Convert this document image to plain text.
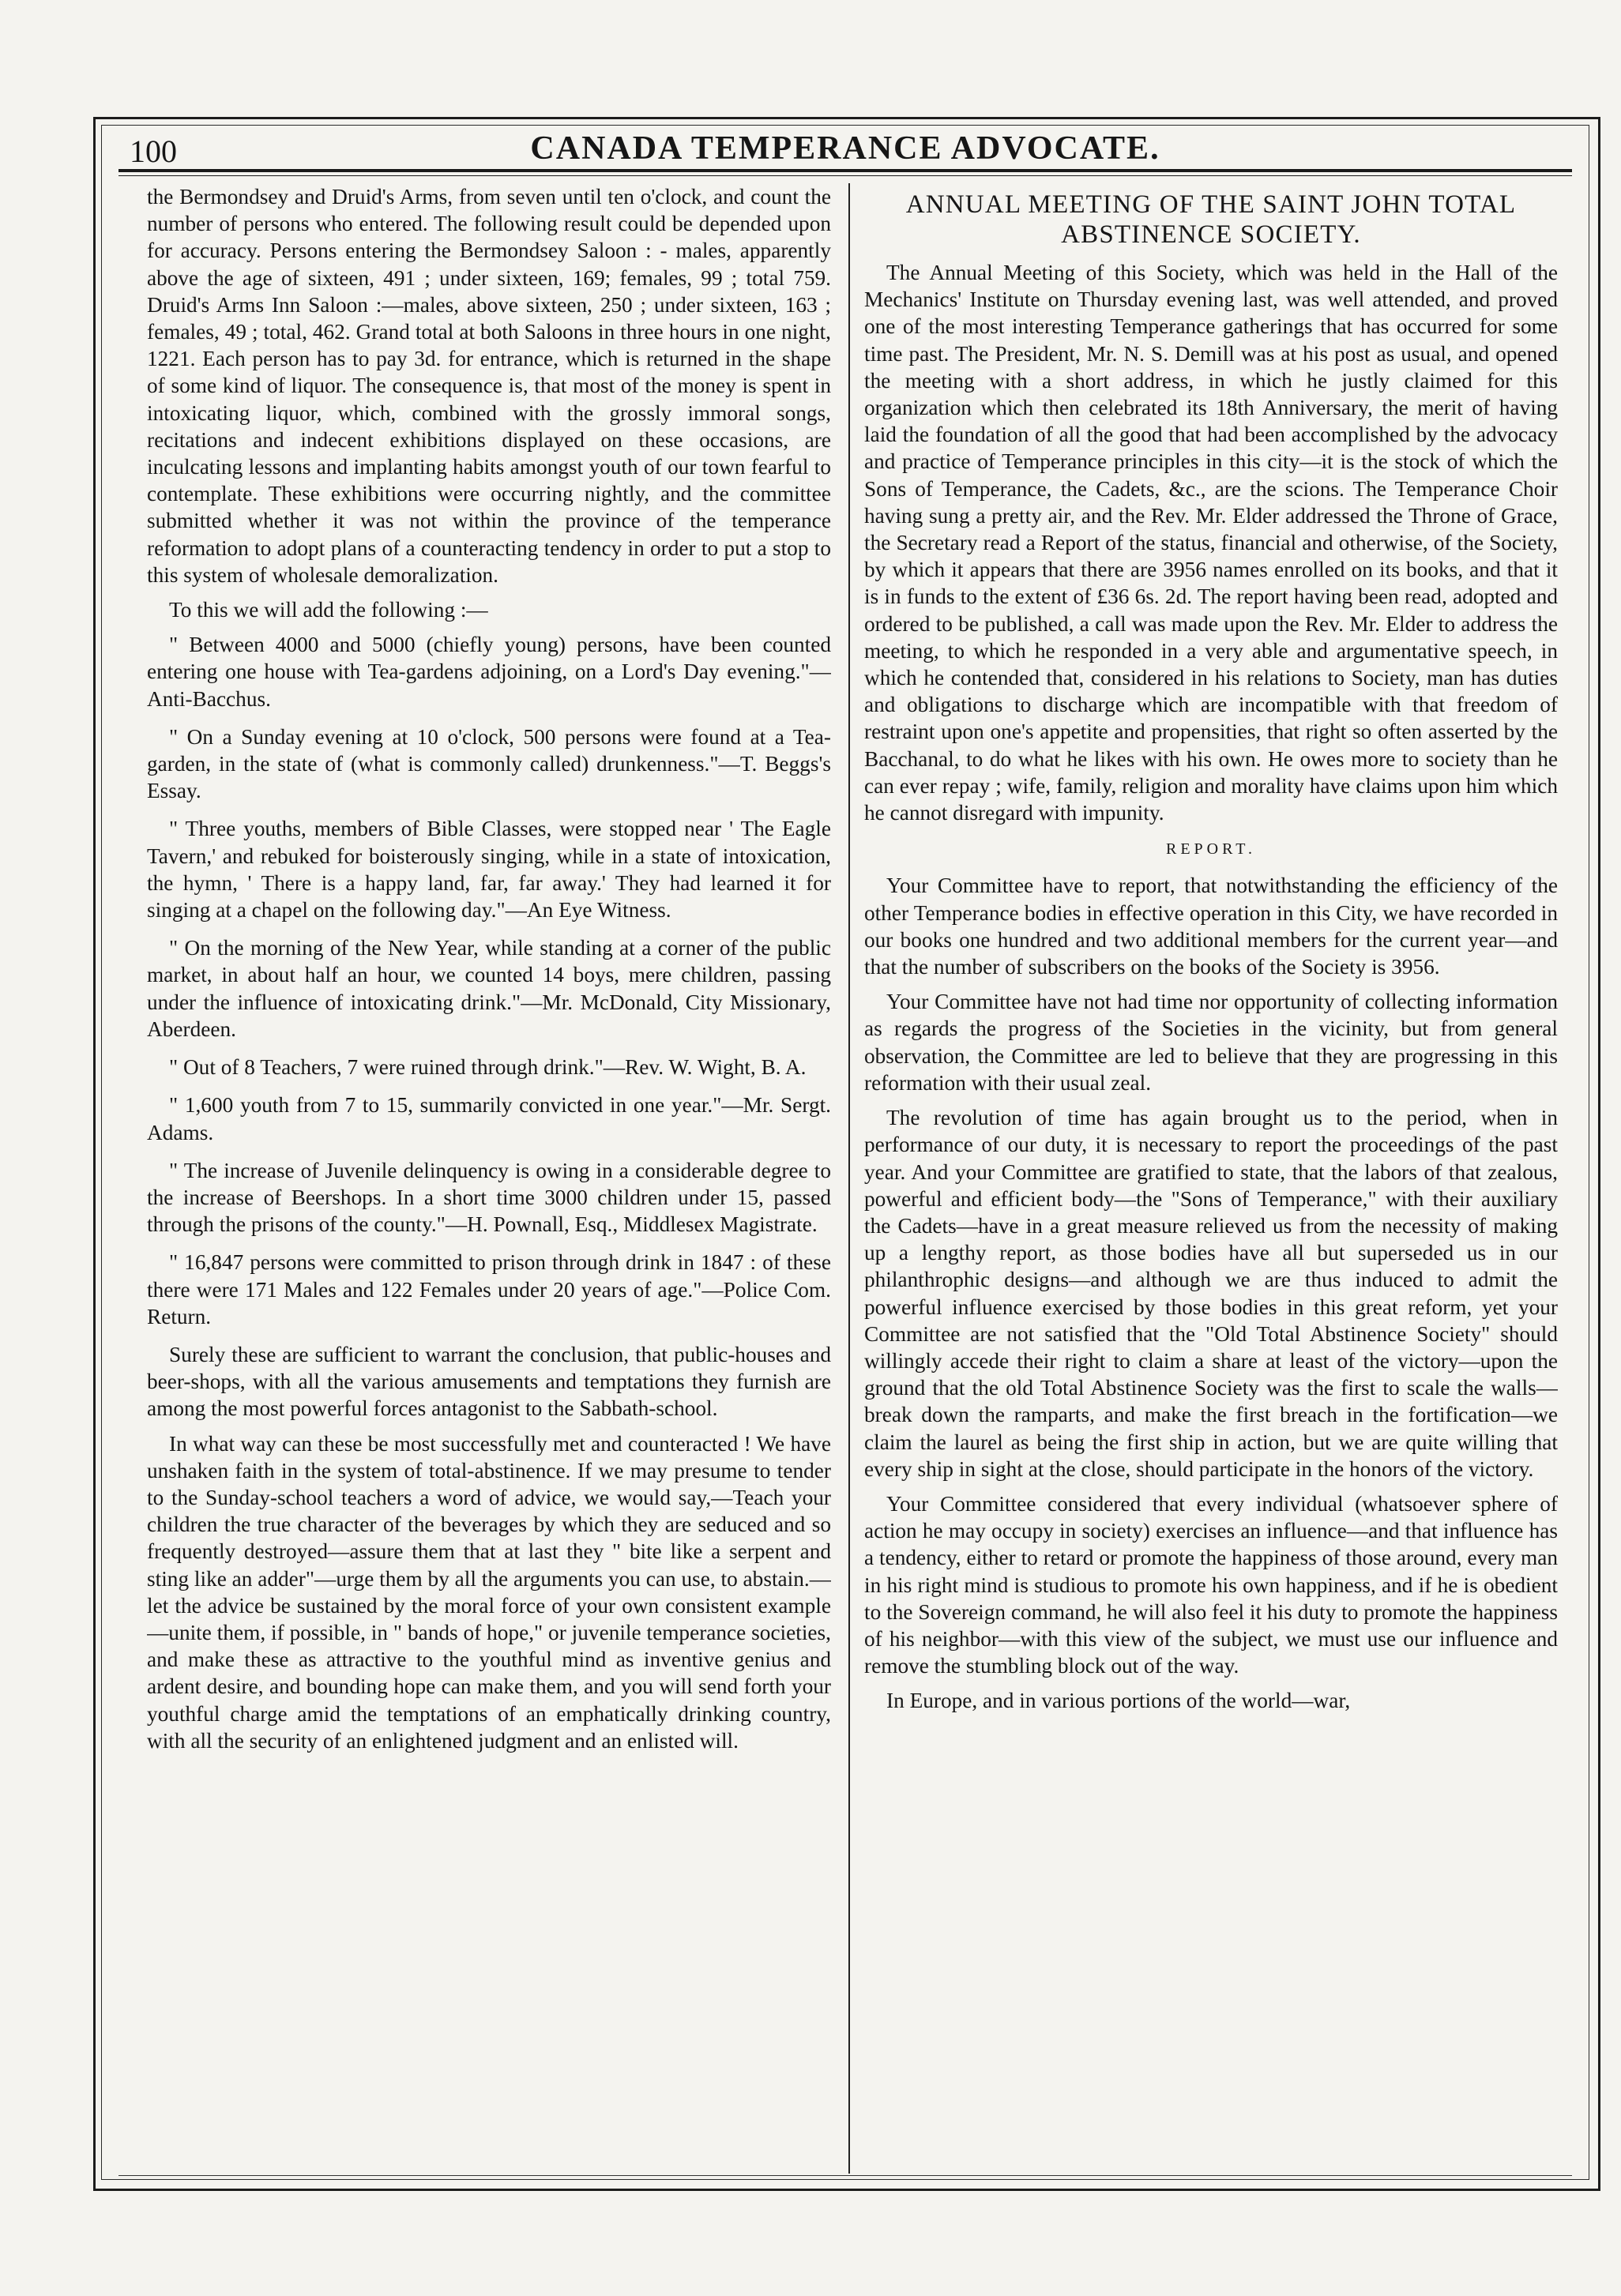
100	CANADA TEMPERANCE ADVOCATE.

the Bermondsey and Druid's Arms, from seven until ten o'clock, and count the number of persons who entered. The following result could be depended upon for accuracy. Persons entering the Bermondsey Saloon : - males, apparently above the age of sixteen, 491 ; under sixteen, 169; females, 99 ; total 759. Druid's Arms Inn Saloon :—males, above sixteen, 250 ; under sixteen, 163 ; females, 49 ; total, 462. Grand total at both Saloons in three hours in one night, 1221. Each person has to pay 3d. for entrance, which is returned in the shape of some kind of liquor. The consequence is, that most of the money is spent in intoxicating liquor, which, combined with the grossly immoral songs, recitations and indecent exhibitions displayed on these occasions, are inculcating lessons and implanting habits amongst youth of our town fearful to contemplate. These exhibitions were occurring nightly, and the committee submitted whether it was not within the province of the temperance reformation to adopt plans of a counteracting tendency in order to put a stop to this system of wholesale demoralization.

To this we will add the following :—

" Between 4000 and 5000 (chiefly young) persons, have been counted entering one house with Tea-gardens adjoining, on a Lord's Day evening."—Anti-Bacchus.

" On a Sunday evening at 10 o'clock, 500 persons were found at a Tea-garden, in the state of (what is commonly called) drunkenness."—T. Beggs's Essay.

" Three youths, members of Bible Classes, were stopped near ' The Eagle Tavern,' and rebuked for boisterously singing, while in a state of intoxication, the hymn, ' There is a happy land, far, far away.' They had learned it for singing at a chapel on the following day."—An Eye Witness.

" On the morning of the New Year, while standing at a corner of the public market, in about half an hour, we counted 14 boys, mere children, passing under the influence of intoxicating drink."—Mr. McDonald, City Missionary, Aberdeen.

" Out of 8 Teachers, 7 were ruined through drink."—Rev. W. Wight, B. A.

" 1,600 youth from 7 to 15, summarily convicted in one year."—Mr. Sergt. Adams.

" The increase of Juvenile delinquency is owing in a considerable degree to the increase of Beershops. In a short time 3000 children under 15, passed through the prisons of the county."—H. Pownall, Esq., Middlesex Magistrate.

" 16,847 persons were committed to prison through drink in 1847 : of these there were 171 Males and 122 Females under 20 years of age."—Police Com. Return.

Surely these are sufficient to warrant the conclusion, that public-houses and beer-shops, with all the various amusements and temptations they furnish are among the most powerful forces antagonist to the Sabbath-school.

In what way can these be most successfully met and counteracted ! We have unshaken faith in the system of total-abstinence. If we may presume to tender to the Sunday-school teachers a word of advice, we would say,—Teach your children the true character of the beverages by which they are seduced and so frequently destroyed—assure them that at last they " bite like a serpent and sting like an adder"—urge them by all the arguments you can use, to abstain.—let the advice be sustained by the moral force of your own consistent example—unite them, if possible, in " bands of hope," or juvenile temperance societies, and make these as attractive to the youthful mind as inventive genius and ardent desire, and bounding hope can make them, and you will send forth your youthful charge amid the temptations of an emphatically drinking country, with all the security of an enlightened judgment and an enlisted will.

ANNUAL MEETING OF THE SAINT JOHN TOTAL ABSTINENCE SOCIETY.

The Annual Meeting of this Society, which was held in the Hall of the Mechanics' Institute on Thursday evening last, was well attended, and proved one of the most interesting Temperance gatherings that has occurred for some time past. The President, Mr. N. S. Demill was at his post as usual, and opened the meeting with a short address, in which he justly claimed for this organization which then celebrated its 18th Anniversary, the merit of having laid the foundation of all the good that had been accomplished by the advocacy and practice of Temperance principles in this city—it is the stock of which the Sons of Temperance, the Cadets, &c., are the scions. The Temperance Choir having sung a pretty air, and the Rev. Mr. Elder addressed the Throne of Grace, the Secretary read a Report of the status, financial and otherwise, of the Society, by which it appears that there are 3956 names enrolled on its books, and that it is in funds to the extent of £36 6s. 2d. The report having been read, adopted and ordered to be published, a call was made upon the Rev. Mr. Elder to address the meeting, to which he responded in a very able and argumentative speech, in which he contended that, considered in his relations to Society, man has duties and obligations to discharge which are incompatible with that freedom of restraint upon one's appetite and propensities, that right so often asserted by the Bacchanal, to do what he likes with his own. He owes more to society than he can ever repay ; wife, family, religion and morality have claims upon him which he cannot disregard with impunity.

REPORT.

Your Committee have to report, that notwithstanding the efficiency of the other Temperance bodies in effective operation in this City, we have recorded in our books one hundred and two additional members for the current year—and that the number of subscribers on the books of the Society is 3956.

Your Committee have not had time nor opportunity of collecting information as regards the progress of the Societies in the vicinity, but from general observation, the Committee are led to believe that they are progressing in this reformation with their usual zeal.

The revolution of time has again brought us to the period, when in performance of our duty, it is necessary to report the proceedings of the past year. And your Committee are gratified to state, that the labors of that zealous, powerful and efficient body—the "Sons of Temperance," with their auxiliary the Cadets—have in a great measure relieved us from the necessity of making up a lengthy report, as those bodies have all but superseded us in our philanthrophic designs—and although we are thus induced to admit the powerful influence exercised by those bodies in this great reform, yet your Committee are not satisfied that the "Old Total Abstinence Society" should willingly accede their right to claim a share at least of the victory—upon the ground that the old Total Abstinence Society was the first to scale the walls—break down the ramparts, and make the first breach in the fortification—we claim the laurel as being the first ship in action, but we are quite willing that every ship in sight at the close, should participate in the honors of the victory.

Your Committee considered that every individual (whatsoever sphere of action he may occupy in society) exercises an influence—and that influence has a tendency, either to retard or promote the happiness of those around, every man in his right mind is studious to promote his own happiness, and if he is obedient to the Sovereign command, he will also feel it his duty to promote the happiness of his neighbor—with this view of the subject, we must use our influence and remove the stumbling block out of the way.

In Europe, and in various portions of the world—war,
